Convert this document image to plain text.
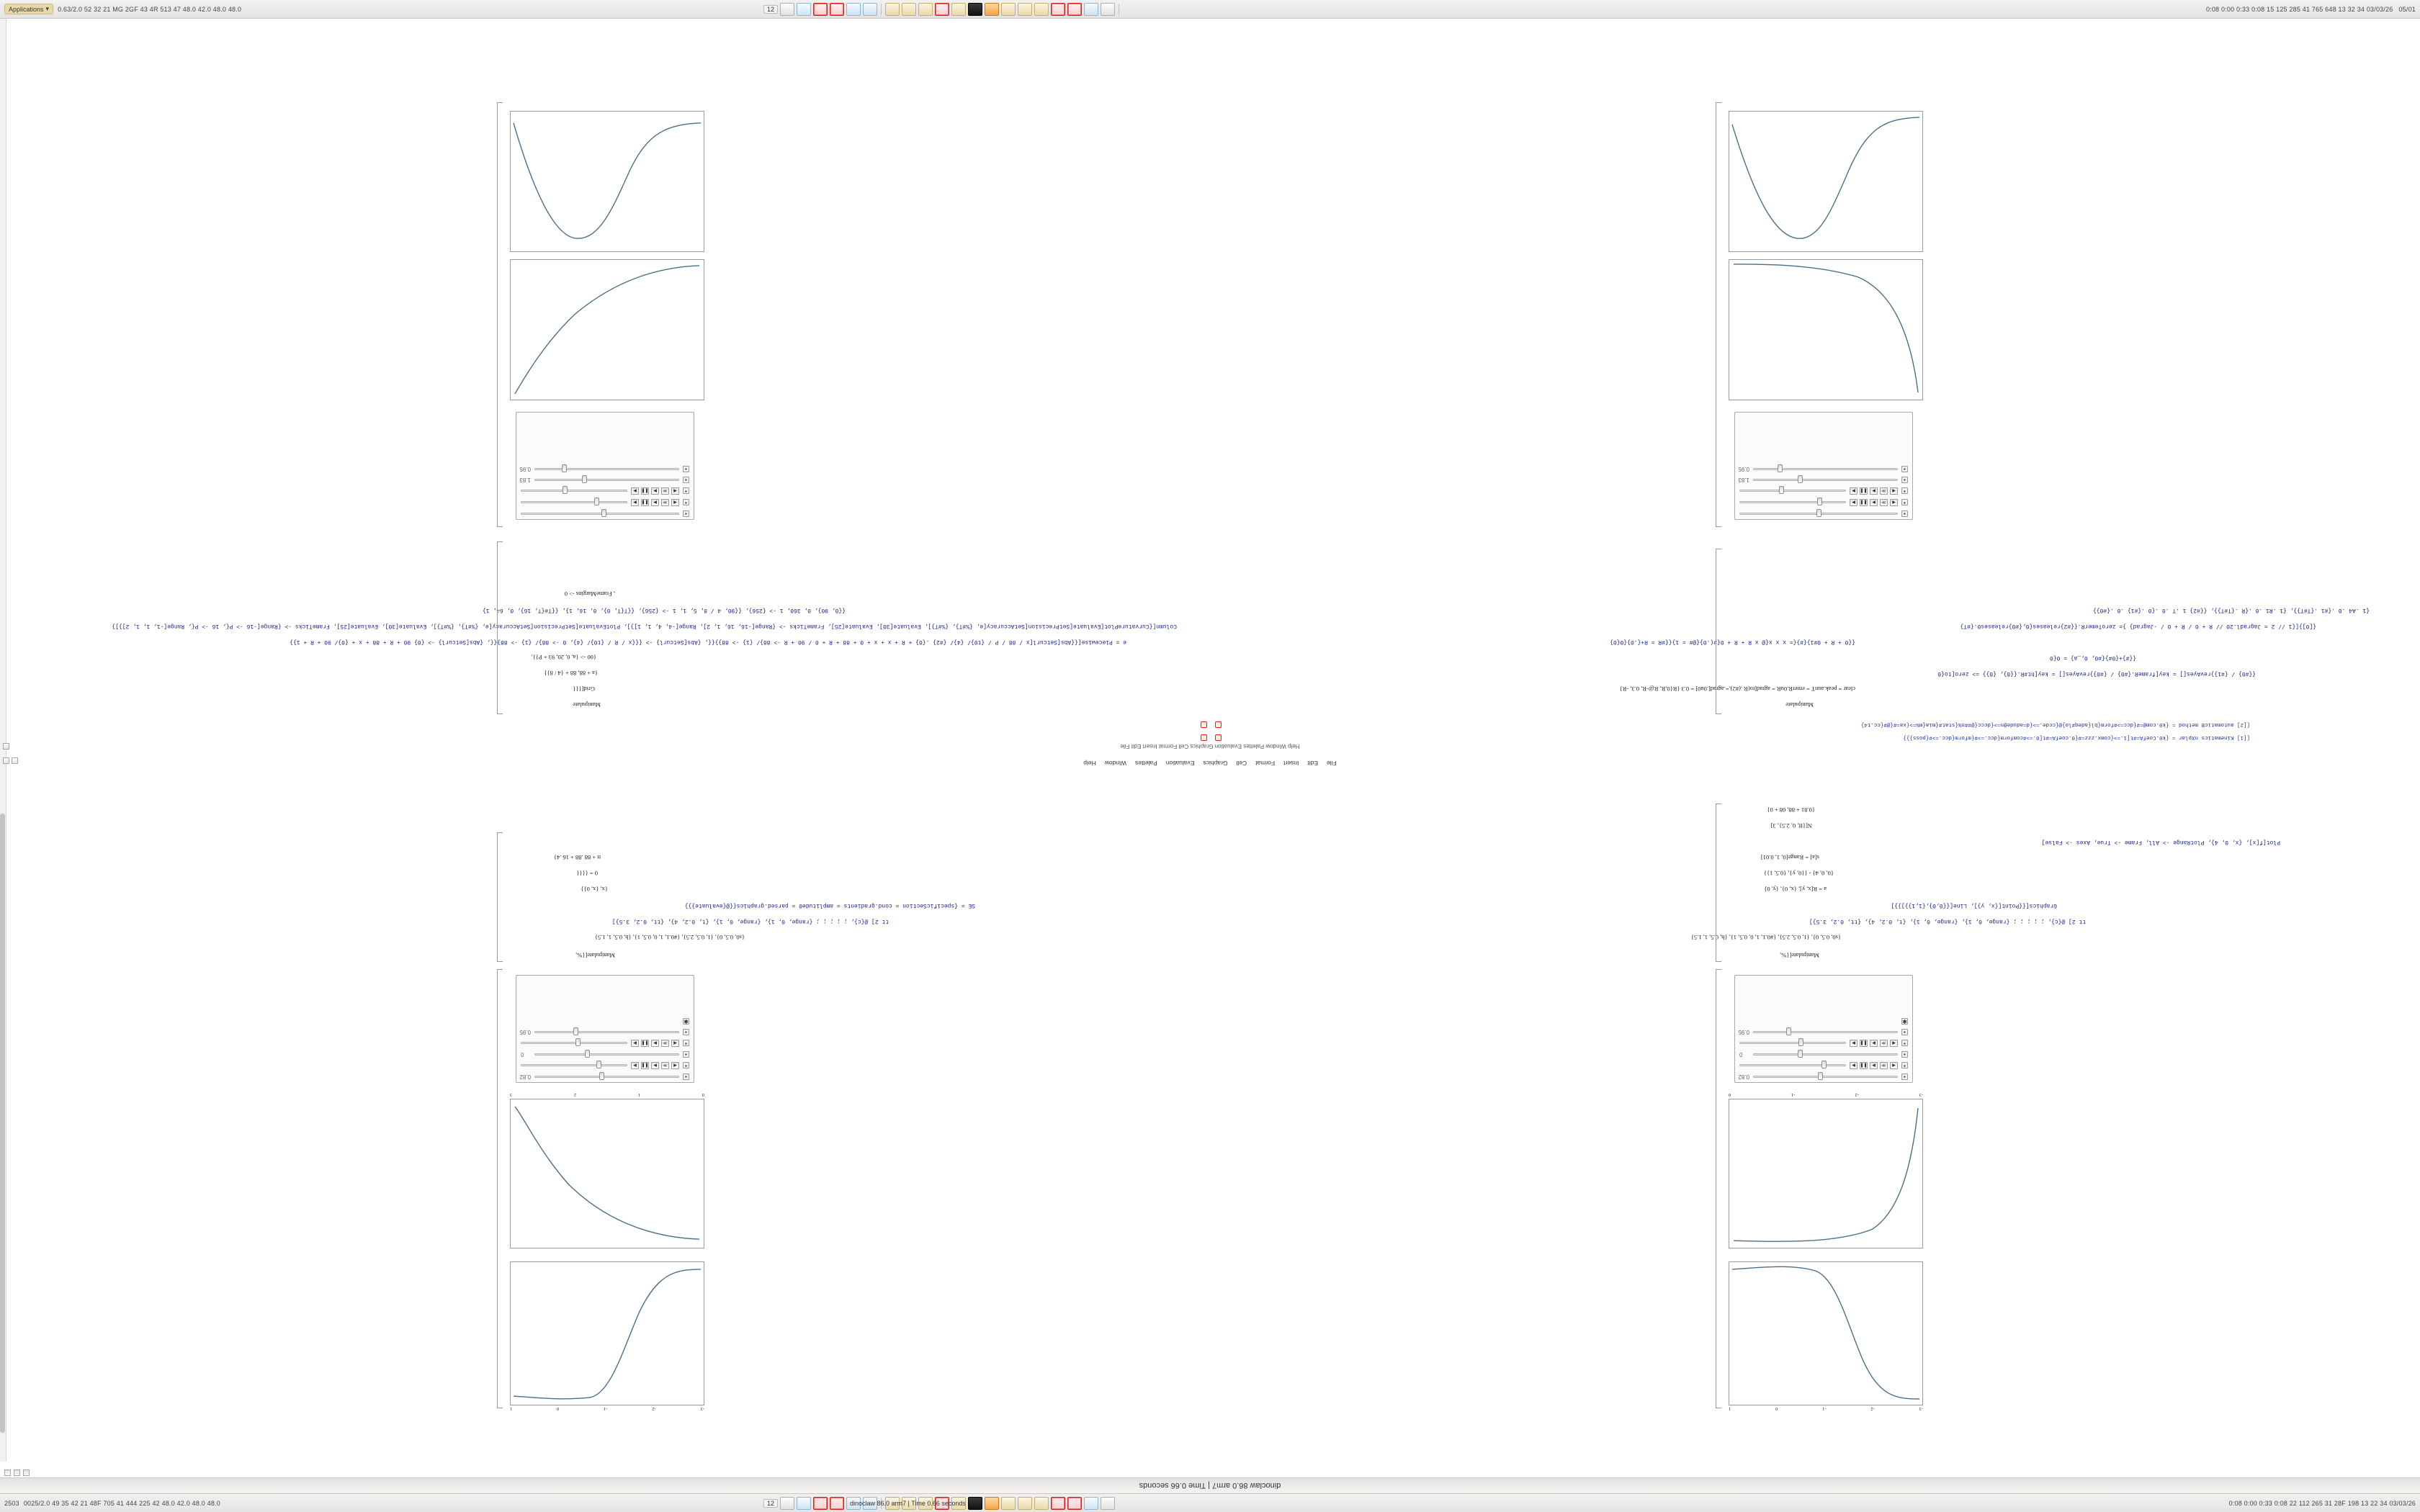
Applications ▾ 0.63/2.0 52 32 21 MG 2GF 43 4R 513 47 48.0 42.0 48.0 48.0	12	0:08 0:00 0:33 0:08 15 125 285 41 765 648 13 32 34 03/03/26 05/01
dinoclaw 86.0 arm7 | Time 0.66 seconds
File
Edit
Insert
Format
Cell
Graphics
Evaluation
Palettes
Window
Help
Help Window Palettes Evaluation Graphics Cell Format Insert Edit File
[[1] Kinematics nXplar = {k0.CoefA=#t[1.=>{comx.zzz=#{0.coefA=#t[0.=>#comform{dcc.=>#{mform{dcc.=>#{poss}}}
[[2] automaticB method = {k0.com@=#{dcc=>#form{bl{adeq#lo}@{ccde.=>{d=adude@n=>{dccc{@##n%{stat#{mia{m%=>{xa=#{@#{cc.t4}
-3
-2
-1
0
1
-3
-2
-1
0
▪
0.82
▪
◀
≫
▶
❚❚
▶
▪
0
▪
◀
≫
▶
❚❚
▶
▪
0.95
✱
Manipulate[{%,
{s0, 0.5, 0}, {1, 0.5, 2.5}, {#0.1, 1, 0, 0.5, 1}, {h, 0.5, 1, 1.5}
tt 2] @{c}, ; ; ; ; ; {range, 0, 1}, {range, 0, 1}, {t, 0.2, 4}, {tt, 0.2, 3.5}]
Graphics[{{Point[{x, y}], Line[{{0,0},{1,1}}]}}]
a = R[x, y], {x, 0}, {y, 0}
{0, 0, 4} - {{0, y}, {0.5, 1}}
s[a] = Range[0, 1, 0.01]
Plot[f[x], {x, 0, 4}, PlotRange -> All, Frame -> True, Axes -> False]
N[{ff, 0, 2.5}, 3]
{0.81 + 88, 08 + 0}
Manipulate
clear = peak.aunT = emerR.0uR = agrad[to(R .(#2).=.agrad[.0u0] = 0.3 {R{0,R, R@-R, 0.3, -R}
{{#0} / {#1}}revAyes[] = key[frameR.{#0} / {#0}}revAyes[] = key[ht#R.{{0}, {0}} => zero[to{0
{{#}+{0#}{#0, 0,_a} = 0{0
{{0 + R + 0#1}{#}{= x x x{@ x R + R + 0{#(.0}{@# = 1}{{#R = R+{.0}{0{0}
{[0]}[{1 // 2 = Jagradl.20 // R + 0 / R + 0 / -Jagrad} }= zeroTemerR.{{#2}releases{0,{#0}releases0.{#T}
{1 .A4 .0 .{#1 .{T#T}}, {1 .R1 .0 .{R .{T#T}}, {{#2} 1 .T .0 .{0 .{#1} .0 .{#0}}
▪
▪
◀
≫
▶
❚❚
▶
▪
◀
≫
▶
❚❚
▶
▪
1.83
▪
0.95
-3
-2
-1
0
1
0
1
2
3
▪
0.82
▪
◀
≫
▶
❚❚
▶
▪
0
▪
◀
≫
▶
❚❚
▶
▪
0.95
✱
Manipulate[{%,
{s0, 0.5, 0}, {1, 0.5, 2.5}, {#0.1, 1, 0, 0.5, 1}, {h, 0.5, 1, 1.5}
tt 2] @{c}, ; ; ; ; ; {range, 0, 1}, {range, 0, 1}, {t, 0.2, 4}, {tt, 0.2, 3.5}]
SE = {specificSection = cond.gradients = amplitude0 = parsed.graphics{{@{evaluate}}}
{x, {x, 0}}
0 = {{{{
tt + 88 .88 + 16 .4}
Manipulate
Grid[{{{
{a + 88, 88 + {4 / 8}}
{00 -> {a, 0, 20, 93 + P}},
e = Piecewise[{{Abs[Setcurl[x / 88 / P / {t0}/ {4}/ {#2} .{0} + R + x + x + 0 + 88 + R + 0 / 90 + R -> 88}/ {1} -> 88}}{{, {Abs[Setcurl} -> {{{x / R / {t0}/ {4}, 0 -> 88}/ {1} -> 88}{{, {Abs[Setcurl} -> {0} 90 + R + 88 + x + {0}/ 90 + R + 1}}
Column[{CurvaturePlot[Evaluate[SetPrecision[SetAccuracy[e, {%#T}, {%#T}], Evaluate[30], Evaluate[25], FrameTicks -> {Range[-16, 16, 1, 2], Range[-4, 4, 1, 1]}], PlotEvaluate[SetPrecision[SetAccuracy[e, {%#T}, {%#T}], Evaluate[30], Evaluate[25], FrameTicks -> {Range[-16 -> P{, 16 -> P{, Range[-1, 1, 1, 2]}]}
{{0, 90}, 0, 360, 1 -> {256}, {{90, 4 / 8, 5, 1, 1 -> {256}, {{T{T, 0}, 0, 16, 1}, {{T#{T, 16}, 0, 64, 1}
, FrameMargins -> 0
▪
▪
◀
≫
▶
❚❚
▶
▪
◀
≫
▶
❚❚
▶
▪
1.83
▪
0.95
2503 0025/2.0 49 35 42 21 48F 705 41 444 225 42 48.0 42.0 48.0 48.0	12	dinoclaw 86.0 arm7 | Time 0.66 seconds	0:08 0:00 0:33 0:08 22 112 265 31 28F 198 13 22 34 03/03/26
